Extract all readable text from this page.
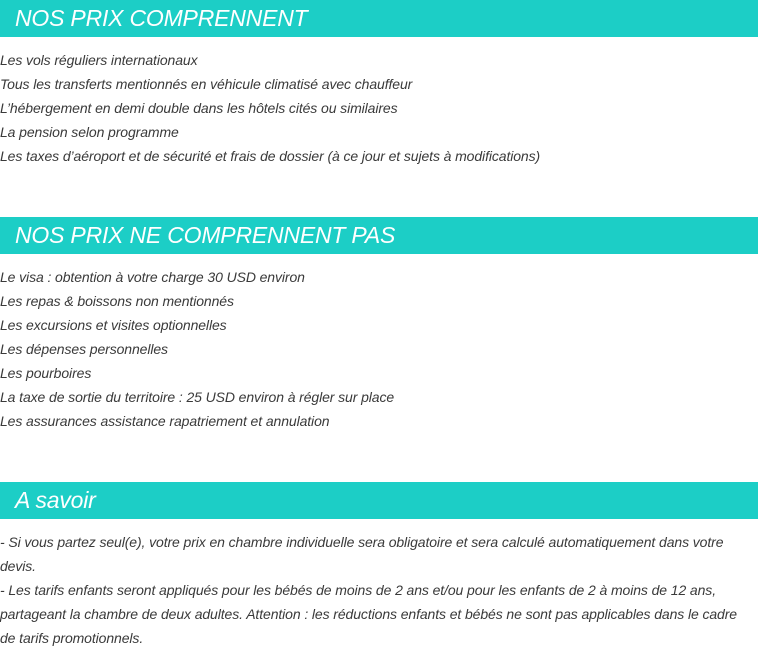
NOS PRIX COMPRENNENT
Les vols réguliers internationaux
Tous les transferts mentionnés en véhicule climatisé avec chauffeur
L’hébergement en demi double dans les hôtels cités ou similaires
La pension selon programme
Les taxes d’aéroport et de sécurité et frais de dossier (à ce jour et sujets à modifications)
NOS PRIX NE COMPRENNENT PAS
Le visa : obtention à votre charge 30 USD environ
Les repas & boissons non mentionnés
Les excursions et visites optionnelles
Les dépenses personnelles
Les pourboires
La taxe de sortie du territoire : 25 USD environ à régler sur place
Les assurances assistance rapatriement et annulation
A savoir

- Si vous partez seul(e), votre prix en chambre individuelle sera obligatoire et sera calculé automatiquement dans votre devis.

- Les tarifs enfants seront appliqués pour les bébés de moins de 2 ans et/ou pour les enfants de 2 à moins de 12 ans, partageant la chambre de deux adultes. Attention : les réductions enfants et bébés ne sont pas applicables dans le cadre de tarifs promotionnels.
